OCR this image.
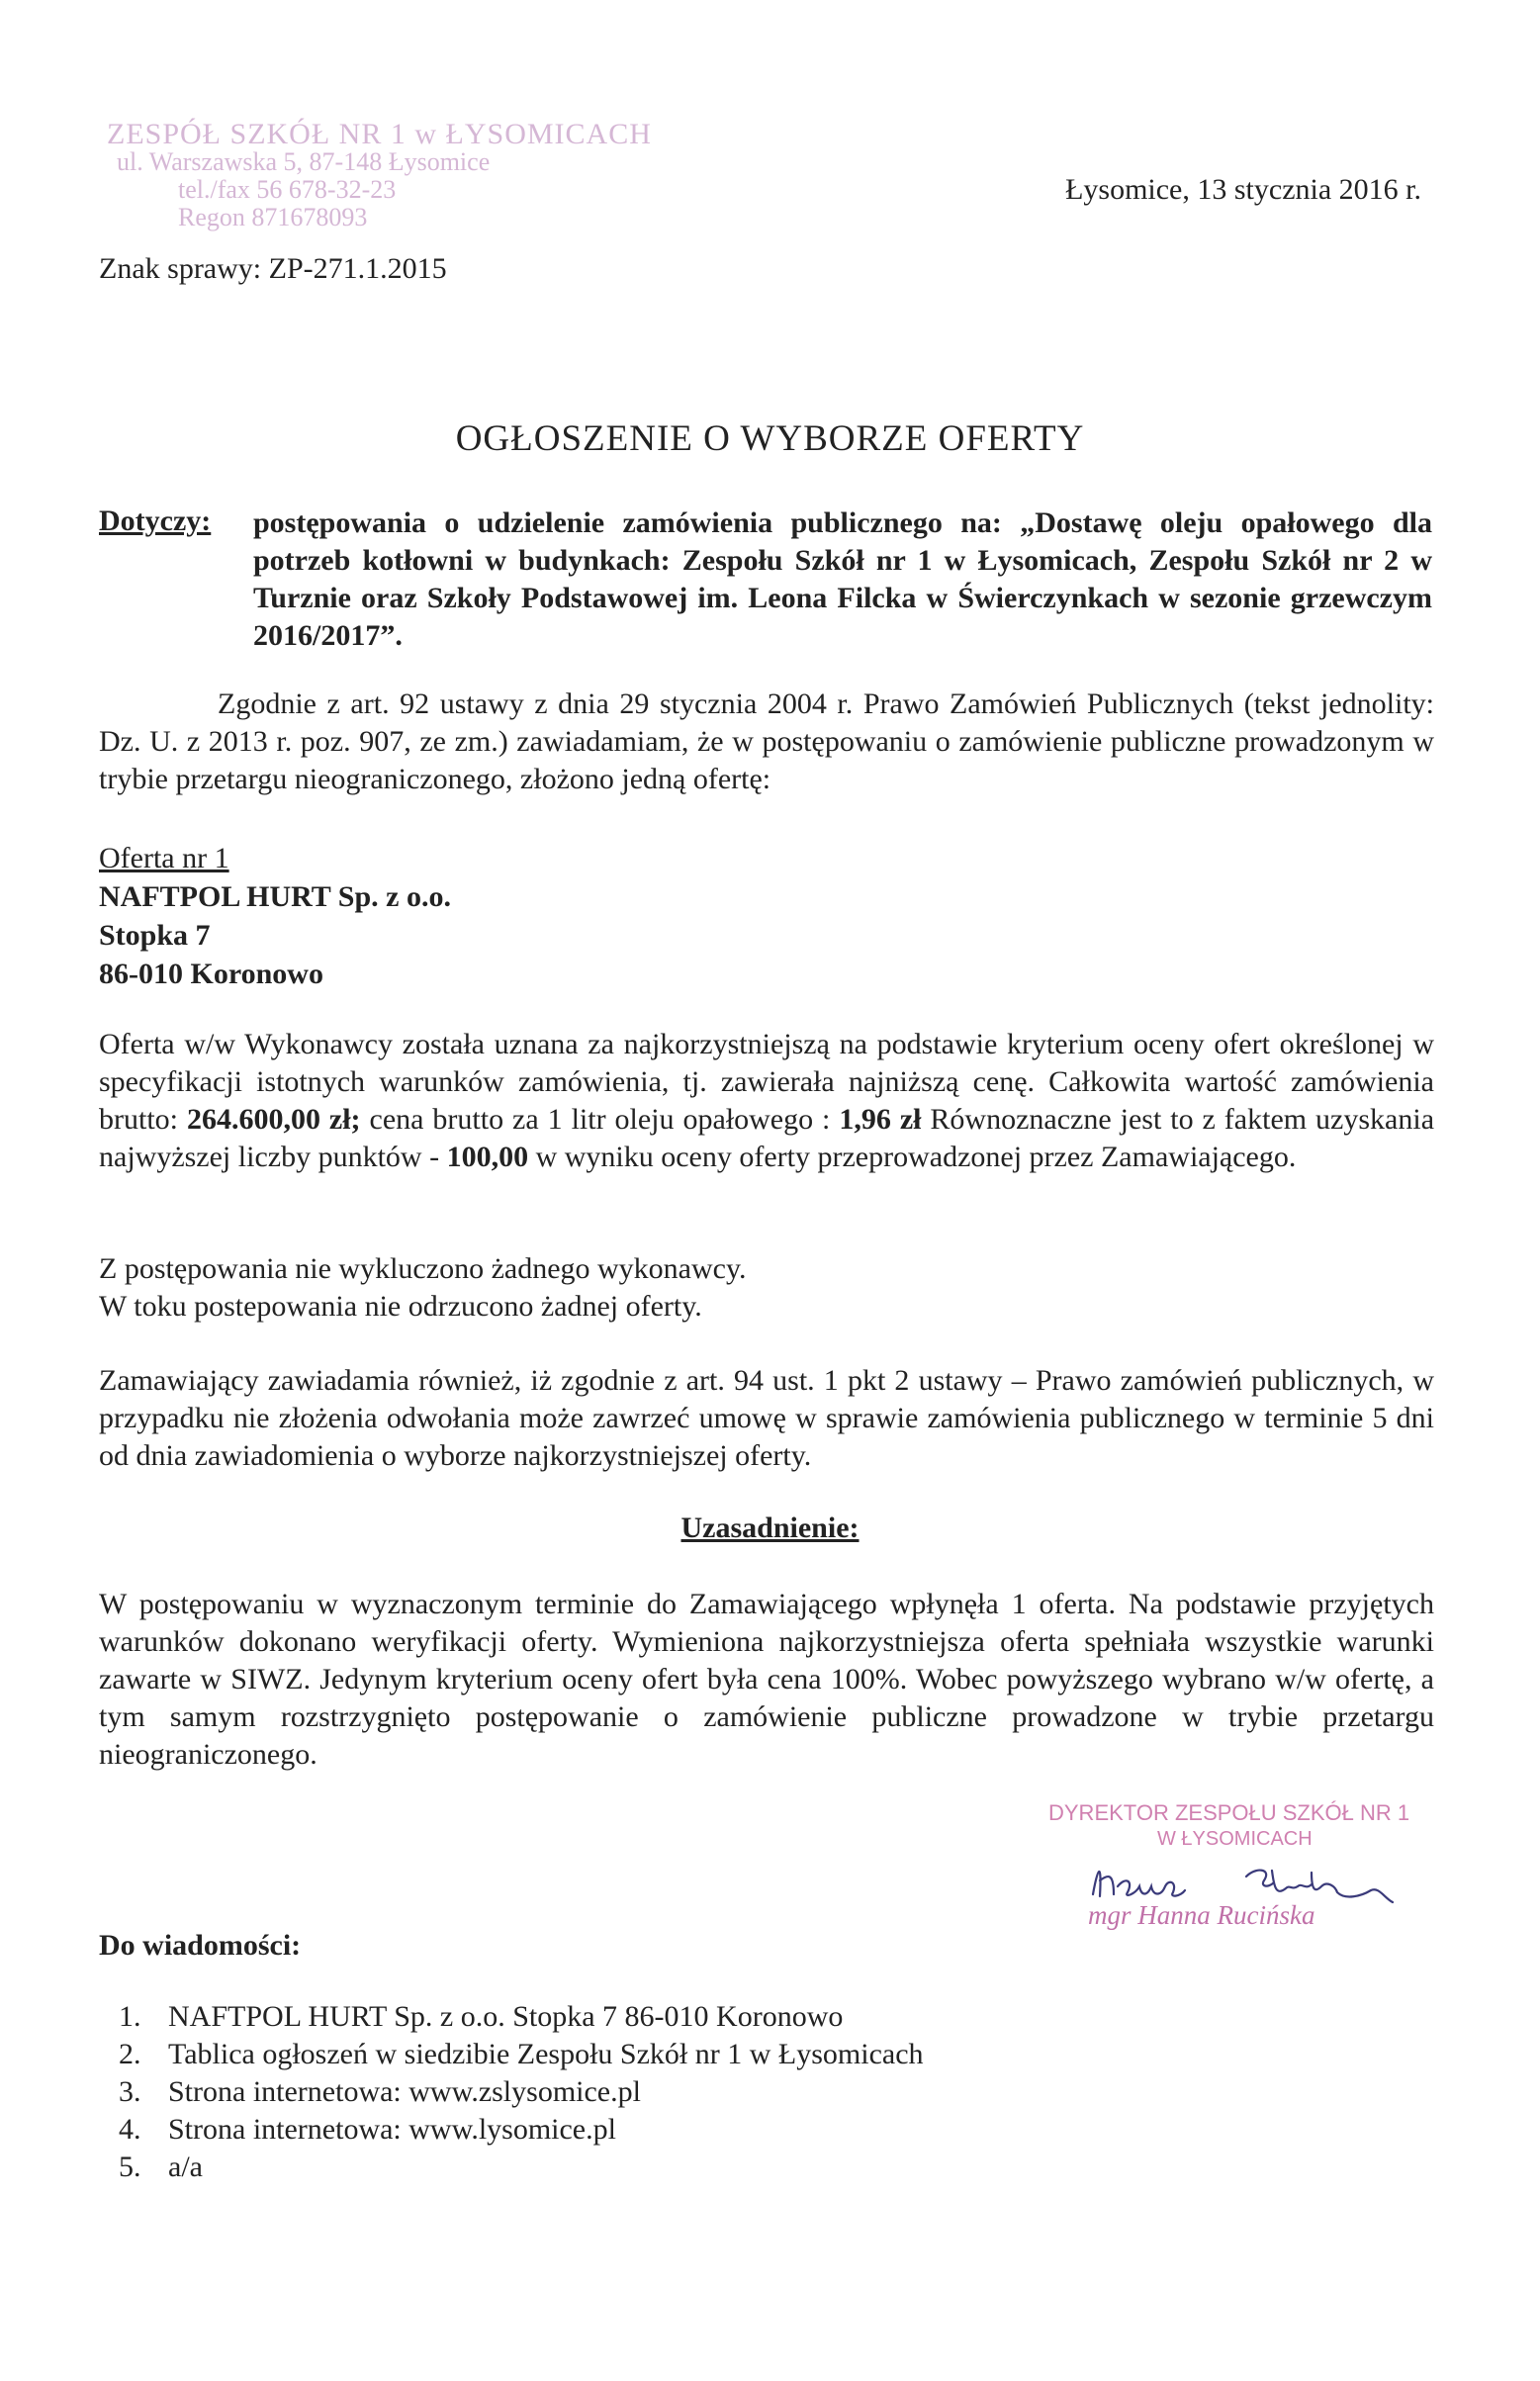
ZESPÓŁ SZKÓŁ NR 1 w ŁYSOMICACH
ul. Warszawska 5, 87-148 Łysomice
tel./fax 56 678-32-23
Regon 871678093
Łysomice, 13 stycznia 2016 r.
Znak sprawy: ZP-271.1.2015
OGŁOSZENIE O WYBORZE OFERTY
Dotyczy: postępowania o udzielenie zamówienia publicznego na: „Dostawę oleju opałowego dla potrzeb kotłowni w budynkach: Zespołu Szkół nr 1 w Łysomicach, Zespołu Szkół nr 2 w Turznie oraz Szkoły Podstawowej im. Leona Filcka w Świerczynkach w sezonie grzewczym 2016/2017”.

Zgodnie z art. 92 ustawy z dnia 29 stycznia 2004 r. Prawo Zamówień Publicznych (tekst jednolity: Dz. U. z 2013 r. poz. 907, ze zm.) zawiadamiam, że w postępowaniu o zamówienie publiczne prowadzonym w trybie przetargu nieograniczonego, złożono jedną ofertę:

Oferta nr 1
NAFTPOL HURT Sp. z o.o.
Stopka 7
86-010 Koronowo

Oferta w/w Wykonawcy została uznana za najkorzystniejszą na podstawie kryterium oceny ofert określonej w specyfikacji istotnych warunków zamówienia, tj. zawierała najniższą cenę. Całkowita wartość zamówienia brutto: 264.600,00 zł; cena brutto za 1 litr oleju opałowego : 1,96 zł Równoznaczne jest to z faktem uzyskania najwyższej liczby punktów - 100,00 w wyniku oceny oferty przeprowadzonej przez Zamawiającego.

Z postępowania nie wykluczono żadnego wykonawcy.
W toku postepowania nie odrzucono żadnej oferty.

Zamawiający zawiadamia również, iż zgodnie z art. 94 ust. 1 pkt 2 ustawy – Prawo zamówień publicznych, w przypadku nie złożenia odwołania może zawrzeć umowę w sprawie zamówienia publicznego w terminie 5 dni od dnia zawiadomienia o wyborze najkorzystniejszej oferty.

Uzasadnienie:

W postępowaniu w wyznaczonym terminie do Zamawiającego wpłynęła 1 oferta. Na podstawie przyjętych warunków dokonano weryfikacji oferty. Wymieniona najkorzystniejsza oferta spełniała wszystkie warunki zawarte w SIWZ. Jedynym kryterium oceny ofert była cena 100%. Wobec powyższego wybrano w/w ofertę, a tym samym rozstrzygnięto postępowanie o zamówienie publiczne prowadzone w trybie przetargu nieograniczonego.

DYREKTOR ZESPOŁU SZKÓŁ NR 1
W ŁYSOMICACH
mgr Hanna Rucińska
Do wiadomości:
1. NAFTPOL HURT Sp. z o.o. Stopka 7 86-010 Koronowo
2. Tablica ogłoszeń w siedzibie Zespołu Szkół nr 1 w Łysomicach
3. Strona internetowa: www.zslysomice.pl
4. Strona internetowa: www.lysomice.pl
5. a/a
